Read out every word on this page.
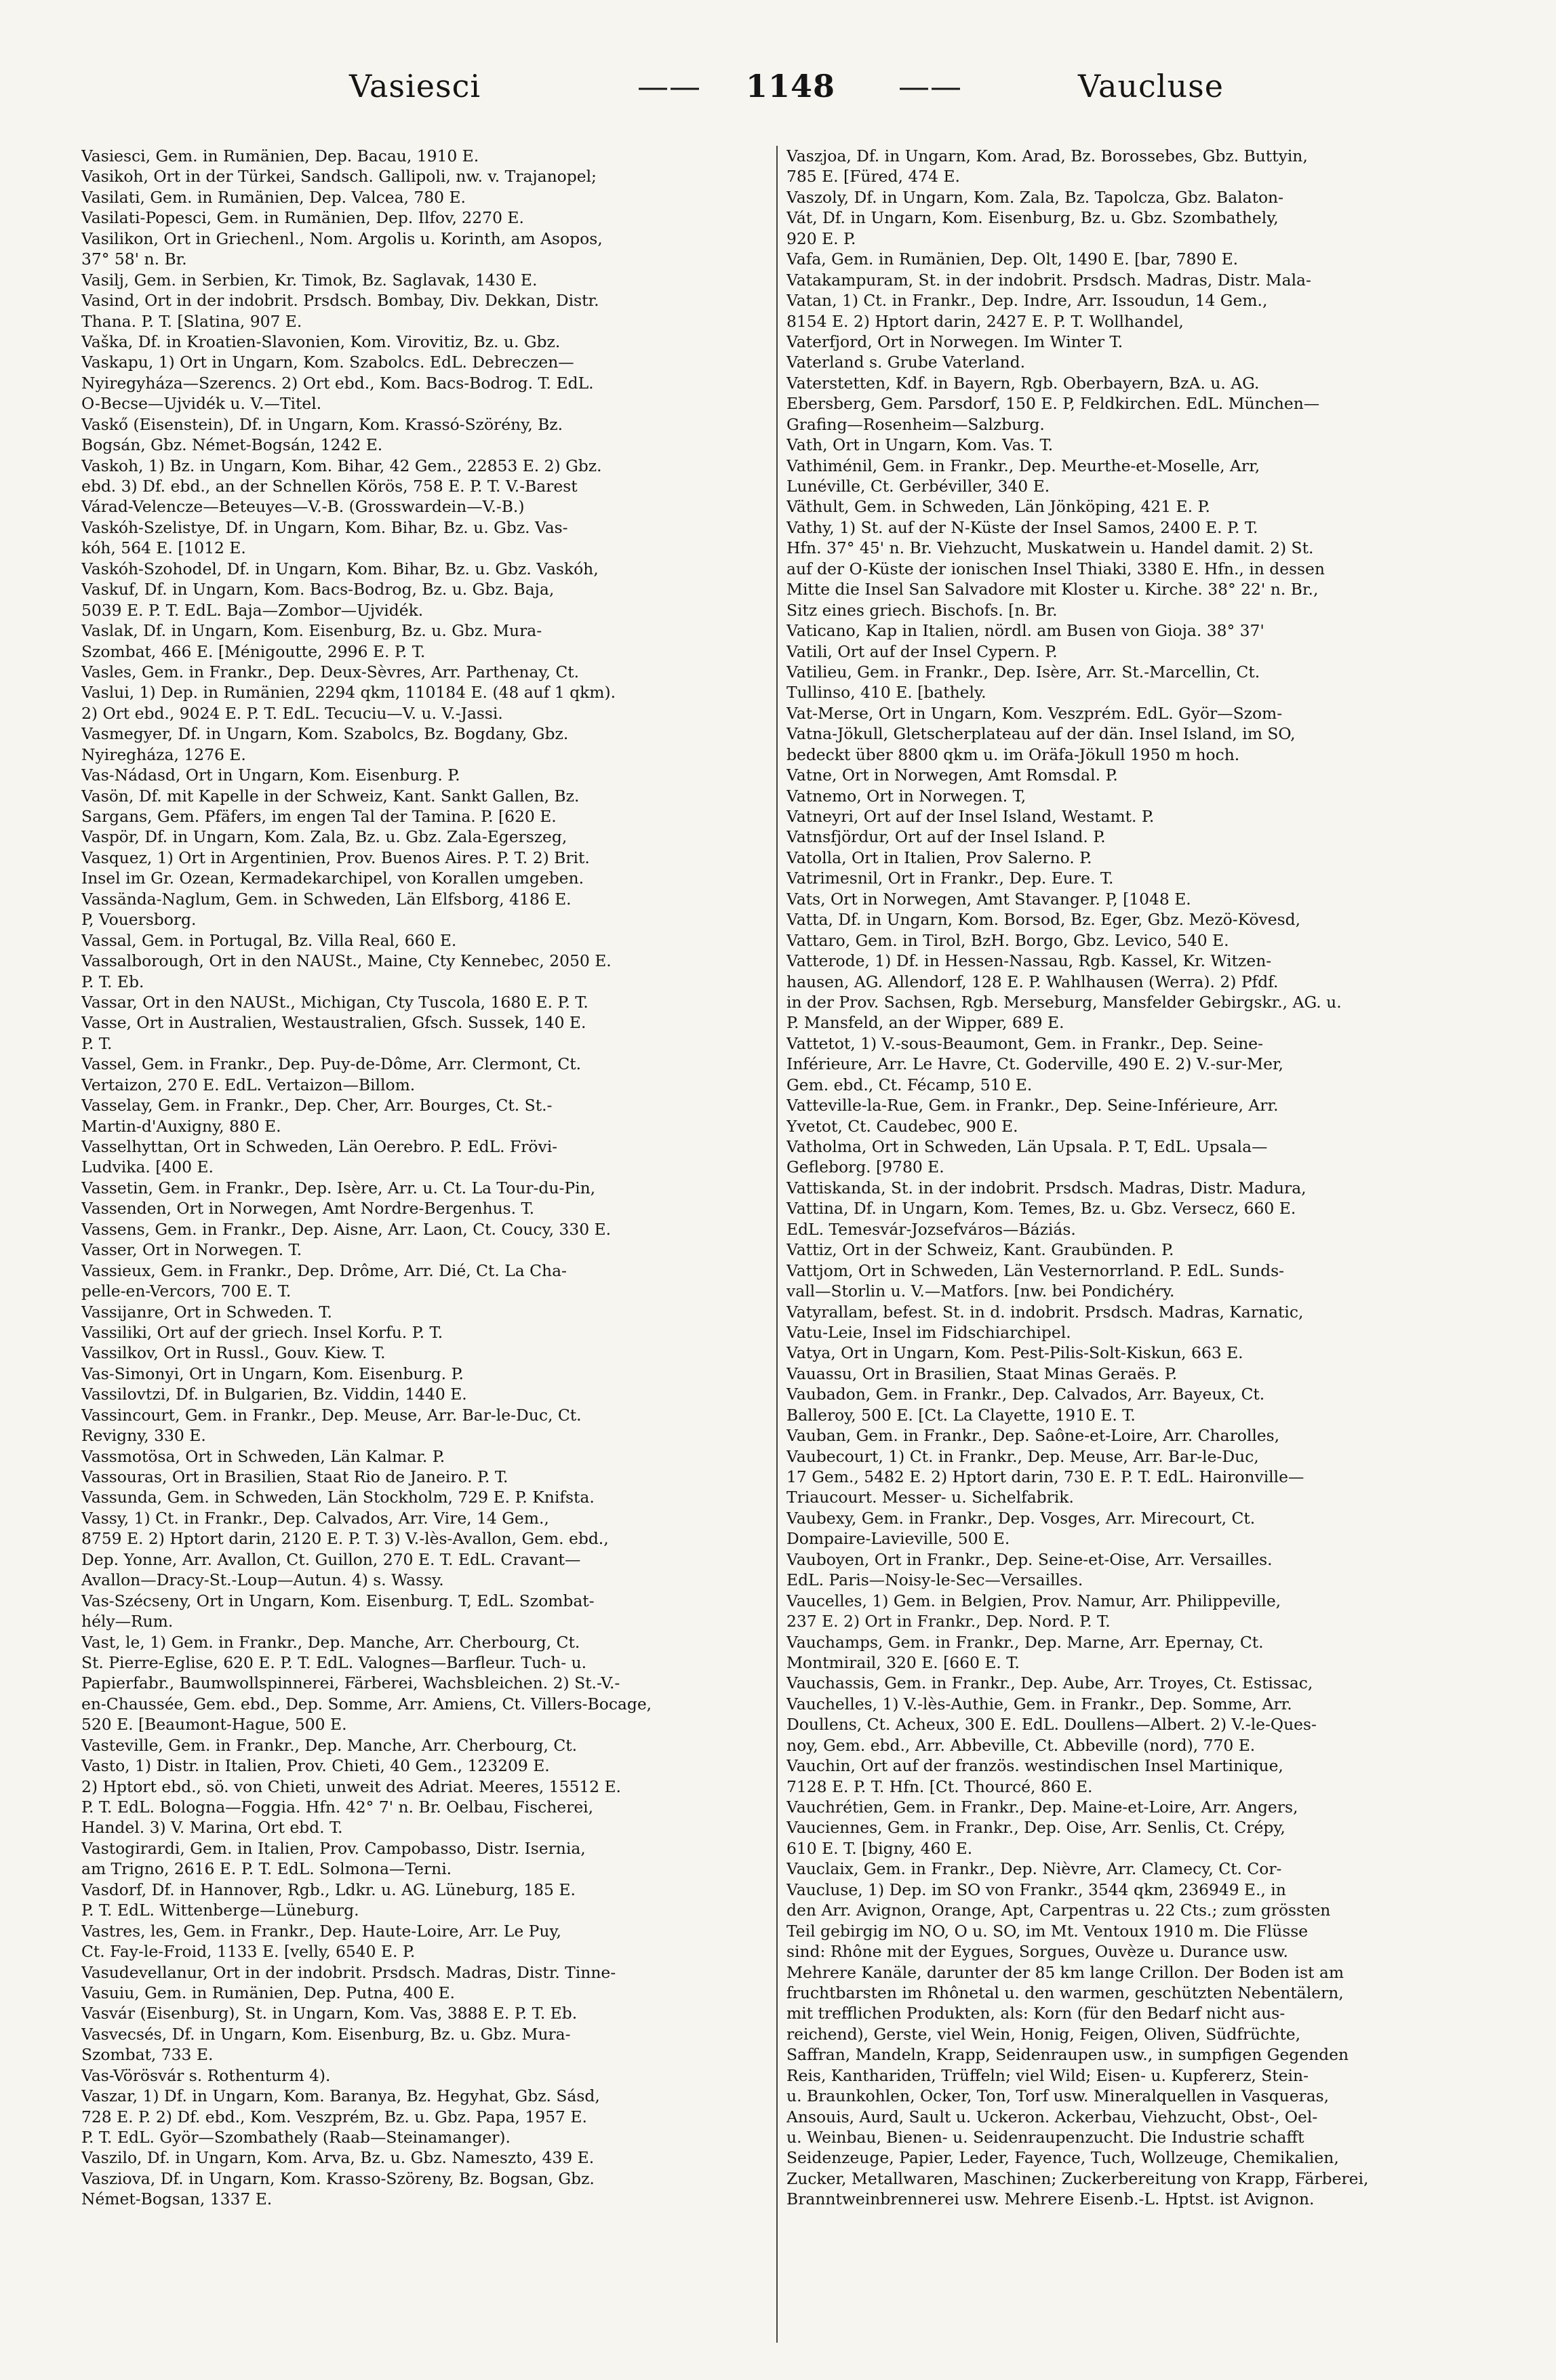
Vasiesci	—— 1148 ——	Vaucluse
Vasiesci, Gem. in Rumänien, Dep. Bacau, 1910 E.
Vasikoh, Ort in der Türkei, Sandsch. Gallipoli, nw. v. Trajanopel;
Vasilati, Gem. in Rumänien, Dep. Valcea, 780 E.
Vasilati-Popesci, Gem. in Rumänien, Dep. Ilfov, 2270 E.
Vasilikon, Ort in Griechenl., Nom. Argolis u. Korinth, am Asopos,
37° 58' n. Br.
Vasilj, Gem. in Serbien, Kr. Timok, Bz. Saglavak, 1430 E.
Vasind, Ort in der indobrit. Prsdsch. Bombay, Div. Dekkan, Distr.
Thana. P. T. [Slatina, 907 E.
Vaška, Df. in Kroatien-Slavonien, Kom. Virovitiz, Bz. u. Gbz.
Vaskapu, 1) Ort in Ungarn, Kom. Szabolcs. EdL. Debreczen—
Nyiregyháza—Szerencs. 2) Ort ebd., Kom. Bacs-Bodrog. T. EdL.
O-Becse—Ujvidék u. V.—Titel.
Vaskő (Eisenstein), Df. in Ungarn, Kom. Krassó-Szörény, Bz.
Bogsán, Gbz. Német-Bogsán, 1242 E.
Vaskoh, 1) Bz. in Ungarn, Kom. Bihar, 42 Gem., 22853 E. 2) Gbz.
ebd. 3) Df. ebd., an der Schnellen Körös, 758 E. P. T. V.-Barest
Várad-Velencze—Beteuyes—V.-B. (Grosswardein—V.-B.)
Vaskóh-Szelistye, Df. in Ungarn, Kom. Bihar, Bz. u. Gbz. Vas-
kóh, 564 E. [1012 E.
Vaskóh-Szohodel, Df. in Ungarn, Kom. Bihar, Bz. u. Gbz. Vaskóh,
Vaskuf, Df. in Ungarn, Kom. Bacs-Bodrog, Bz. u. Gbz. Baja,
5039 E. P. T. EdL. Baja—Zombor—Ujvidék.
Vaslak, Df. in Ungarn, Kom. Eisenburg, Bz. u. Gbz. Mura-
Szombat, 466 E. [Ménigoutte, 2996 E. P. T.
Vasles, Gem. in Frankr., Dep. Deux-Sèvres, Arr. Parthenay, Ct.
Vaslui, 1) Dep. in Rumänien, 2294 qkm, 110184 E. (48 auf 1 qkm).
2) Ort ebd., 9024 E. P. T. EdL. Tecuciu—V. u. V.-Jassi.
Vasmegyer, Df. in Ungarn, Kom. Szabolcs, Bz. Bogdany, Gbz.
Nyiregháza, 1276 E.
Vas-Nádasd, Ort in Ungarn, Kom. Eisenburg. P.
Vasön, Df. mit Kapelle in der Schweiz, Kant. Sankt Gallen, Bz.
Sargans, Gem. Pfäfers, im engen Tal der Tamina. P. [620 E.
Vaspör, Df. in Ungarn, Kom. Zala, Bz. u. Gbz. Zala-Egerszeg,
Vasquez, 1) Ort in Argentinien, Prov. Buenos Aires. P. T. 2) Brit.
Insel im Gr. Ozean, Kermadekarchipel, von Korallen umgeben.
Vassända-Naglum, Gem. in Schweden, Län Elfsborg, 4186 E.
P, Vouersborg.
Vassal, Gem. in Portugal, Bz. Villa Real, 660 E.
Vassalborough, Ort in den NAUSt., Maine, Cty Kennebec, 2050 E.
P. T. Eb.
Vassar, Ort in den NAUSt., Michigan, Cty Tuscola, 1680 E. P. T.
Vasse, Ort in Australien, Westaustralien, Gfsch. Sussek, 140 E.
P. T.
Vassel, Gem. in Frankr., Dep. Puy-de-Dôme, Arr. Clermont, Ct.
Vertaizon, 270 E. EdL. Vertaizon—Billom.
Vasselay, Gem. in Frankr., Dep. Cher, Arr. Bourges, Ct. St.-
Martin-d'Auxigny, 880 E.
Vasselhyttan, Ort in Schweden, Län Oerebro. P. EdL. Frövi-
Ludvika. [400 E.
Vassetin, Gem. in Frankr., Dep. Isère, Arr. u. Ct. La Tour-du-Pin,
Vassenden, Ort in Norwegen, Amt Nordre-Bergenhus. T.
Vassens, Gem. in Frankr., Dep. Aisne, Arr. Laon, Ct. Coucy, 330 E.
Vasser, Ort in Norwegen. T.
Vassieux, Gem. in Frankr., Dep. Drôme, Arr. Dié, Ct. La Cha-
pelle-en-Vercors, 700 E. T.
Vassijanre, Ort in Schweden. T.
Vassiliki, Ort auf der griech. Insel Korfu. P. T.
Vassilkov, Ort in Russl., Gouv. Kiew. T.
Vas-Simonyi, Ort in Ungarn, Kom. Eisenburg. P.
Vassilovtzi, Df. in Bulgarien, Bz. Viddin, 1440 E.
Vassincourt, Gem. in Frankr., Dep. Meuse, Arr. Bar-le-Duc, Ct.
Revigny, 330 E.
Vassmotösa, Ort in Schweden, Län Kalmar. P.
Vassouras, Ort in Brasilien, Staat Rio de Janeiro. P. T.
Vassunda, Gem. in Schweden, Län Stockholm, 729 E. P. Knifsta.
Vassy, 1) Ct. in Frankr., Dep. Calvados, Arr. Vire, 14 Gem.,
8759 E. 2) Hptort darin, 2120 E. P. T. 3) V.-lès-Avallon, Gem. ebd.,
Dep. Yonne, Arr. Avallon, Ct. Guillon, 270 E. T. EdL. Cravant—
Avallon—Dracy-St.-Loup—Autun. 4) s. Wassy.
Vas-Szécseny, Ort in Ungarn, Kom. Eisenburg. T, EdL. Szombat-
hély—Rum.
Vast, le, 1) Gem. in Frankr., Dep. Manche, Arr. Cherbourg, Ct.
St. Pierre-Eglise, 620 E. P. T. EdL. Valognes—Barfleur. Tuch- u.
Papierfabr., Baumwollspinnerei, Färberei, Wachsbleichen. 2) St.-V.-
en-Chaussée, Gem. ebd., Dep. Somme, Arr. Amiens, Ct. Villers-Bocage,
520 E. [Beaumont-Hague, 500 E.
Vasteville, Gem. in Frankr., Dep. Manche, Arr. Cherbourg, Ct.
Vasto, 1) Distr. in Italien, Prov. Chieti, 40 Gem., 123209 E.
2) Hptort ebd., sö. von Chieti, unweit des Adriat. Meeres, 15512 E.
P. T. EdL. Bologna—Foggia. Hfn. 42° 7' n. Br. Oelbau, Fischerei,
Handel. 3) V. Marina, Ort ebd. T.
Vastogirardi, Gem. in Italien, Prov. Campobasso, Distr. Isernia,
am Trigno, 2616 E. P. T. EdL. Solmona—Terni.
Vasdorf, Df. in Hannover, Rgb., Ldkr. u. AG. Lüneburg, 185 E.
P. T. EdL. Wittenberge—Lüneburg.
Vastres, les, Gem. in Frankr., Dep. Haute-Loire, Arr. Le Puy,
Ct. Fay-le-Froid, 1133 E. [velly, 6540 E. P.
Vasudevellanur, Ort in der indobrit. Prsdsch. Madras, Distr. Tinne-
Vasuiu, Gem. in Rumänien, Dep. Putna, 400 E.
Vasvár (Eisenburg), St. in Ungarn, Kom. Vas, 3888 E. P. T. Eb.
Vasvecsés, Df. in Ungarn, Kom. Eisenburg, Bz. u. Gbz. Mura-
Szombat, 733 E.
Vas-Vörösvár s. Rothenturm 4).
Vaszar, 1) Df. in Ungarn, Kom. Baranya, Bz. Hegyhat, Gbz. Sásd,
728 E. P. 2) Df. ebd., Kom. Veszprém, Bz. u. Gbz. Papa, 1957 E.
P. T. EdL. Györ—Szombathely (Raab—Steinamanger).
Vaszilo, Df. in Ungarn, Kom. Arva, Bz. u. Gbz. Nameszto, 439 E.
Vasziova, Df. in Ungarn, Kom. Krasso-Szöreny, Bz. Bogsan, Gbz.
Német-Bogsan, 1337 E.
Vaszjoa, Df. in Ungarn, Kom. Arad, Bz. Borossebes, Gbz. Buttyin,
785 E. [Füred, 474 E.
Vaszoly, Df. in Ungarn, Kom. Zala, Bz. Tapolcza, Gbz. Balaton-
Vát, Df. in Ungarn, Kom. Eisenburg, Bz. u. Gbz. Szombathely,
920 E. P.
Vafa, Gem. in Rumänien, Dep. Olt, 1490 E. [bar, 7890 E.
Vatakampuram, St. in der indobrit. Prsdsch. Madras, Distr. Mala-
Vatan, 1) Ct. in Frankr., Dep. Indre, Arr. Issoudun, 14 Gem.,
8154 E. 2) Hptort darin, 2427 E. P. T. Wollhandel,
Vaterfjord, Ort in Norwegen. Im Winter T.
Vaterland s. Grube Vaterland.
Vaterstetten, Kdf. in Bayern, Rgb. Oberbayern, BzA. u. AG.
Ebersberg, Gem. Parsdorf, 150 E. P, Feldkirchen. EdL. München—
Grafing—Rosenheim—Salzburg.
Vath, Ort in Ungarn, Kom. Vas. T.
Vathiménil, Gem. in Frankr., Dep. Meurthe-et-Moselle, Arr,
Lunéville, Ct. Gerbéviller, 340 E.
Väthult, Gem. in Schweden, Län Jönköping, 421 E. P.
Vathy, 1) St. auf der N-Küste der Insel Samos, 2400 E. P. T.
Hfn. 37° 45' n. Br. Viehzucht, Muskatwein u. Handel damit. 2) St.
auf der O-Küste der ionischen Insel Thiaki, 3380 E. Hfn., in dessen
Mitte die Insel San Salvadore mit Kloster u. Kirche. 38° 22' n. Br.,
Sitz eines griech. Bischofs. [n. Br.
Vaticano, Kap in Italien, nördl. am Busen von Gioja. 38° 37'
Vatili, Ort auf der Insel Cypern. P.
Vatilieu, Gem. in Frankr., Dep. Isère, Arr. St.-Marcellin, Ct.
Tullinso, 410 E. [bathely.
Vat-Merse, Ort in Ungarn, Kom. Veszprém. EdL. Györ—Szom-
Vatna-Jökull, Gletscherplateau auf der dän. Insel Island, im SO,
bedeckt über 8800 qkm u. im Oräfa-Jökull 1950 m hoch.
Vatne, Ort in Norwegen, Amt Romsdal. P.
Vatnemo, Ort in Norwegen. T,
Vatneyri, Ort auf der Insel Island, Westamt. P.
Vatnsfjördur, Ort auf der Insel Island. P.
Vatolla, Ort in Italien, Prov Salerno. P.
Vatrimesnil, Ort in Frankr., Dep. Eure. T.
Vats, Ort in Norwegen, Amt Stavanger. P, [1048 E.
Vatta, Df. in Ungarn, Kom. Borsod, Bz. Eger, Gbz. Mezö-Kövesd,
Vattaro, Gem. in Tirol, BzH. Borgo, Gbz. Levico, 540 E.
Vatterode, 1) Df. in Hessen-Nassau, Rgb. Kassel, Kr. Witzen-
hausen, AG. Allendorf, 128 E. P. Wahlhausen (Werra). 2) Pfdf.
in der Prov. Sachsen, Rgb. Merseburg, Mansfelder Gebirgskr., AG. u.
P. Mansfeld, an der Wipper, 689 E.
Vattetot, 1) V.-sous-Beaumont, Gem. in Frankr., Dep. Seine-
Inférieure, Arr. Le Havre, Ct. Goderville, 490 E. 2) V.-sur-Mer,
Gem. ebd., Ct. Fécamp, 510 E.
Vatteville-la-Rue, Gem. in Frankr., Dep. Seine-Inférieure, Arr.
Yvetot, Ct. Caudebec, 900 E.
Vatholma, Ort in Schweden, Län Upsala. P. T, EdL. Upsala—
Gefleborg. [9780 E.
Vattiskanda, St. in der indobrit. Prsdsch. Madras, Distr. Madura,
Vattina, Df. in Ungarn, Kom. Temes, Bz. u. Gbz. Versecz, 660 E.
EdL. Temesvár-Jozsefváros—Báziás.
Vattiz, Ort in der Schweiz, Kant. Graubünden. P.
Vattjom, Ort in Schweden, Län Vesternorrland. P. EdL. Sunds-
vall—Storlin u. V.—Matfors. [nw. bei Pondichéry.
Vatyrallam, befest. St. in d. indobrit. Prsdsch. Madras, Karnatic,
Vatu-Leie, Insel im Fidschiarchipel.
Vatya, Ort in Ungarn, Kom. Pest-Pilis-Solt-Kiskun, 663 E.
Vauassu, Ort in Brasilien, Staat Minas Geraës. P.
Vaubadon, Gem. in Frankr., Dep. Calvados, Arr. Bayeux, Ct.
Balleroy, 500 E. [Ct. La Clayette, 1910 E. T.
Vauban, Gem. in Frankr., Dep. Saône-et-Loire, Arr. Charolles,
Vaubecourt, 1) Ct. in Frankr., Dep. Meuse, Arr. Bar-le-Duc,
17 Gem., 5482 E. 2) Hptort darin, 730 E. P. T. EdL. Haironville—
Triaucourt. Messer- u. Sichelfabrik.
Vaubexy, Gem. in Frankr., Dep. Vosges, Arr. Mirecourt, Ct.
Dompaire-Lavieville, 500 E.
Vauboyen, Ort in Frankr., Dep. Seine-et-Oise, Arr. Versailles.
EdL. Paris—Noisy-le-Sec—Versailles.
Vaucelles, 1) Gem. in Belgien, Prov. Namur, Arr. Philippeville,
237 E. 2) Ort in Frankr., Dep. Nord. P. T.
Vauchamps, Gem. in Frankr., Dep. Marne, Arr. Epernay, Ct.
Montmirail, 320 E. [660 E. T.
Vauchassis, Gem. in Frankr., Dep. Aube, Arr. Troyes, Ct. Estissac,
Vauchelles, 1) V.-lès-Authie, Gem. in Frankr., Dep. Somme, Arr.
Doullens, Ct. Acheux, 300 E. EdL. Doullens—Albert. 2) V.-le-Ques-
noy, Gem. ebd., Arr. Abbeville, Ct. Abbeville (nord), 770 E.
Vauchin, Ort auf der französ. westindischen Insel Martinique,
7128 E. P. T. Hfn. [Ct. Thourcé, 860 E.
Vauchrétien, Gem. in Frankr., Dep. Maine-et-Loire, Arr. Angers,
Vauciennes, Gem. in Frankr., Dep. Oise, Arr. Senlis, Ct. Crépy,
610 E. T. [bigny, 460 E.
Vauclaix, Gem. in Frankr., Dep. Nièvre, Arr. Clamecy, Ct. Cor-
Vaucluse, 1) Dep. im SO von Frankr., 3544 qkm, 236949 E., in
den Arr. Avignon, Orange, Apt, Carpentras u. 22 Cts.; zum grössten
Teil gebirgig im NO, O u. SO, im Mt. Ventoux 1910 m. Die Flüsse
sind: Rhône mit der Eygues, Sorgues, Ouvèze u. Durance usw.
Mehrere Kanäle, darunter der 85 km lange Crillon. Der Boden ist am
fruchtbarsten im Rhônetal u. den warmen, geschützten Nebentälern,
mit trefflichen Produkten, als: Korn (für den Bedarf nicht aus-
reichend), Gerste, viel Wein, Honig, Feigen, Oliven, Südfrüchte,
Saffran, Mandeln, Krapp, Seidenraupen usw., in sumpfigen Gegenden
Reis, Kanthariden, Trüffeln; viel Wild; Eisen- u. Kupfererz, Stein-
u. Braunkohlen, Ocker, Ton, Torf usw. Mineralquellen in Vasqueras,
Ansouis, Aurd, Sault u. Uckeron. Ackerbau, Viehzucht, Obst-, Oel-
u. Weinbau, Bienen- u. Seidenraupenzucht. Die Industrie schafft
Seidenzeuge, Papier, Leder, Fayence, Tuch, Wollzeuge, Chemikalien,
Zucker, Metallwaren, Maschinen; Zuckerbereitung von Krapp, Färberei,
Branntweinbrennerei usw. Mehrere Eisenb.-L. Hptst. ist Avignon.
